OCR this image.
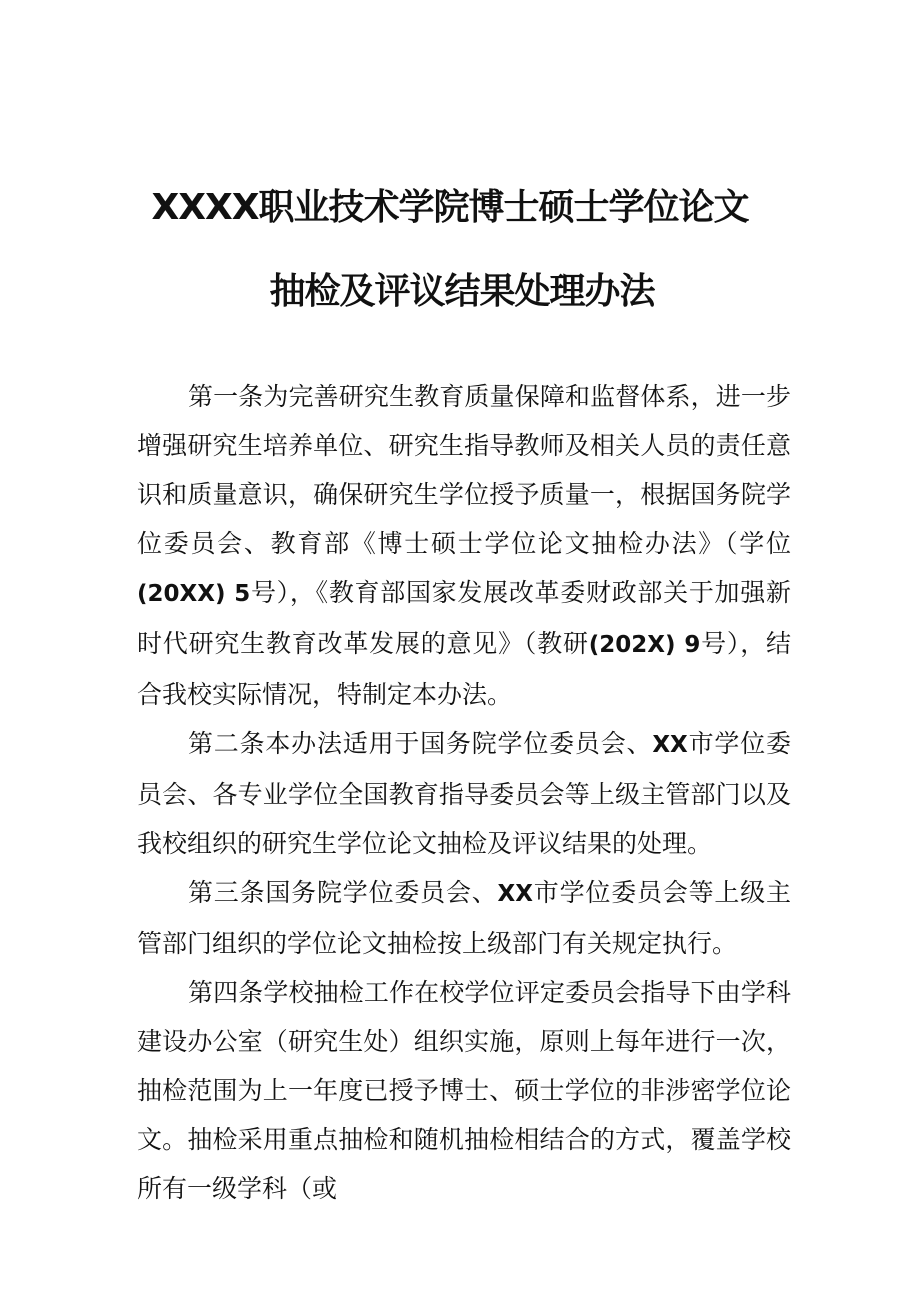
XXXX职业技术学院博士硕士学位论文
抽检及评议结果处理办法

第一条为完善研究生教育质量保障和监督体系，进一步增强研究生培养单位、研究生指导教师及相关人员的责任意识和质量意识，确保研究生学位授予质量一，根据国务院学位委员会、教育部《博士硕士学位论文抽检办法》（学位(20XX) 5号），《教育部国家发展改革委财政部关于加强新时代研究生教育改革发展的意见》（教研(202X) 9号），结合我校实际情况，特制定本办法。

第二条本办法适用于国务院学位委员会、XX市学位委员会、各专业学位全国教育指导委员会等上级主管部门以及我校组织的研究生学位论文抽检及评议结果的处理。

第三条国务院学位委员会、XX市学位委员会等上级主管部门组织的学位论文抽检按上级部门有关规定执行。

第四条学校抽检工作在校学位评定委员会指导下由学科建设办公室（研究生处）组织实施，原则上每年进行一次，抽检范围为上一年度已授予博士、硕士学位的非涉密学位论文。抽检采用重点抽检和随机抽检相结合的方式，覆盖学校所有一级学科（或
